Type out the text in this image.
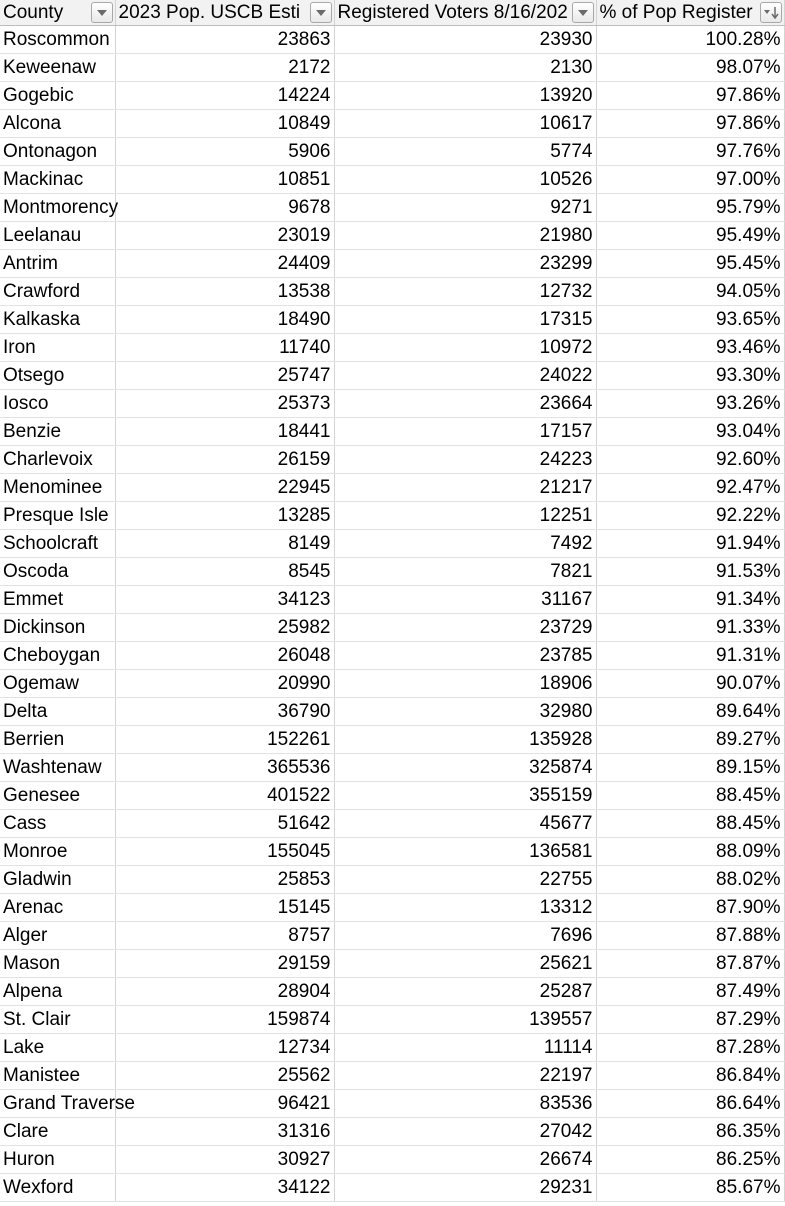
County	2023 Pop. USCB Esti	Registered Voters 8/16/202	% of Pop Register

Roscommon	23863	23930	100.28%
Keweenaw	2172	2130	98.07%
Gogebic	14224	13920	97.86%
Alcona	10849	10617	97.86%
Ontonagon	5906	5774	97.76%
Mackinac	10851	10526	97.00%
Montmorency	9678	9271	95.79%
Leelanau	23019	21980	95.49%
Antrim	24409	23299	95.45%
Crawford	13538	12732	94.05%
Kalkaska	18490	17315	93.65%
Iron	11740	10972	93.46%
Otsego	25747	24022	93.30%
Iosco	25373	23664	93.26%
Benzie	18441	17157	93.04%
Charlevoix	26159	24223	92.60%
Menominee	22945	21217	92.47%
Presque Isle	13285	12251	92.22%
Schoolcraft	8149	7492	91.94%
Oscoda	8545	7821	91.53%
Emmet	34123	31167	91.34%
Dickinson	25982	23729	91.33%
Cheboygan	26048	23785	91.31%
Ogemaw	20990	18906	90.07%
Delta	36790	32980	89.64%
Berrien	152261	135928	89.27%
Washtenaw	365536	325874	89.15%
Genesee	401522	355159	88.45%
Cass	51642	45677	88.45%
Monroe	155045	136581	88.09%
Gladwin	25853	22755	88.02%
Arenac	15145	13312	87.90%
Alger	8757	7696	87.88%
Mason	29159	25621	87.87%
Alpena	28904	25287	87.49%
St. Clair	159874	139557	87.29%
Lake	12734	11114	87.28%
Manistee	25562	22197	86.84%
Grand Traverse	96421	83536	86.64%
Clare	31316	27042	86.35%
Huron	30927	26674	86.25%
Wexford	34122	29231	85.67%
